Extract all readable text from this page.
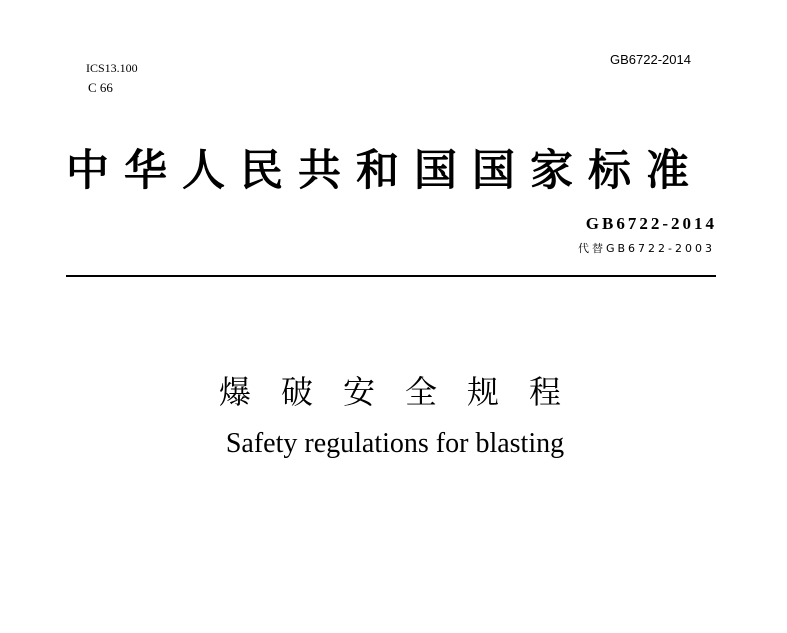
ICS13.100

C 66

GB6722-2014

中华人民共和国国家标准

GB6722-2014

代替GB6722-2003

爆破安全规程

Safety regulations for blasting
